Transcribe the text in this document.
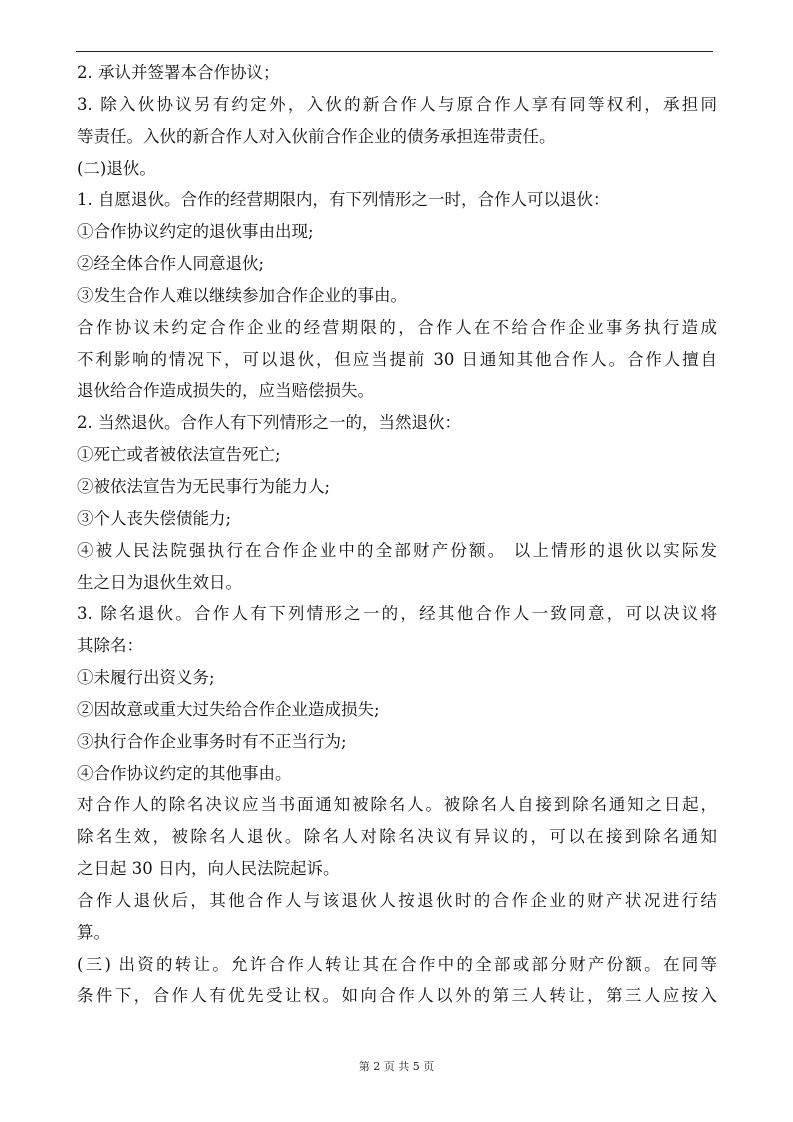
2. 承认并签署本合作协议；
3. 除入伙协议另有约定外，入伙的新合作人与原合作人享有同等权利，承担同
等责任。入伙的新合作人对入伙前合作企业的债务承担连带责任。
(二)退伙。
1. 自愿退伙。合作的经营期限内，有下列情形之一时，合作人可以退伙：
①合作协议约定的退伙事由出现;
②经全体合作人同意退伙;
③发生合作人难以继续参加合作企业的事由。
合作协议未约定合作企业的经营期限的，合作人在不给合作企业事务执行造成
不利影响的情况下，可以退伙，但应当提前 30 日通知其他合作人。合作人擅自
退伙给合作造成损失的，应当赔偿损失。
2. 当然退伙。合作人有下列情形之一的，当然退伙：
①死亡或者被依法宣告死亡;
②被依法宣告为无民事行为能力人;
③个人丧失偿债能力;
④被人民法院强执行在合作企业中的全部财产份额。 以上情形的退伙以实际发
生之日为退伙生效日。
3. 除名退伙。合作人有下列情形之一的，经其他合作人一致同意，可以决议将
其除名：
①未履行出资义务;
②因故意或重大过失给合作企业造成损失;
③执行合作企业事务时有不正当行为;
④合作协议约定的其他事由。
对合作人的除名决议应当书面通知被除名人。被除名人自接到除名通知之日起，
除名生效，被除名人退伙。除名人对除名决议有异议的，可以在接到除名通知
之日起 30 日内，向人民法院起诉。
合作人退伙后，其他合作人与该退伙人按退伙时的合作企业的财产状况进行结
算。
(三) 出资的转让。允许合作人转让其在合作中的全部或部分财产份额。在同等
条件下，合作人有优先受让权。如向合作人以外的第三人转让，第三人应按入
第 2 页 共 5 页
